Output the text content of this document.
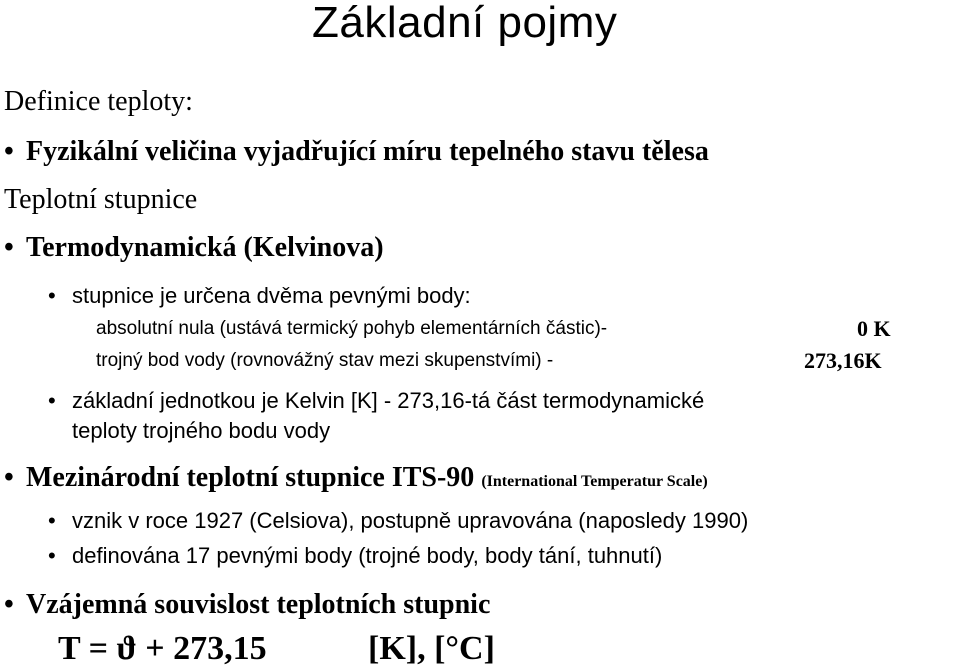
Základní pojmy
Definice teploty:
• Fyzikální veličina vyjadřující míru tepelného stavu tělesa
Teplotní stupnice
• Termodynamická (Kelvinova)
• stupnice je určena dvěma pevnými body:
absolutní nula (ustává termický pohyb elementárních částic)-	0 K
trojný bod vody (rovnovážný stav mezi skupenstvími) -	273,16K
• základní jednotkou je Kelvin [K] - 273,16-tá část termodynamické
teploty trojného bodu vody
• Mezinárodní teplotní stupnice ITS-90 (International Temperatur Scale)
• vznik v roce 1927 (Celsiova), postupně upravována (naposledy 1990)
• definována 17 pevnými body (trojné body, body tání, tuhnutí)
• Vzájemná souvislost teplotních stupnic
T = ϑ + 273,15	[K], [°C]
